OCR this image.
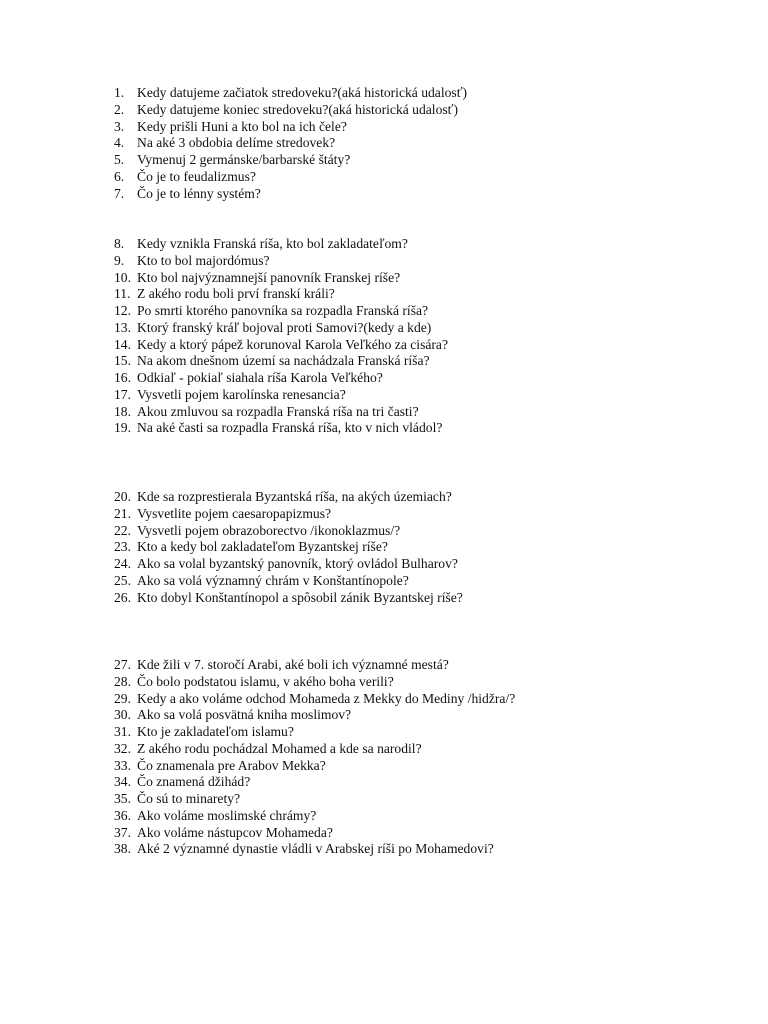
1. Kedy datujeme začiatok stredoveku?(aká historická udalosť)
2. Kedy datujeme koniec stredoveku?(aká historická udalosť)
3. Kedy prišli Huni a kto bol na ich čele?
4. Na aké 3 obdobia delíme stredovek?
5. Vymenuj 2 germánske/barbarské štáty?
6. Čo je to feudalizmus?
7. Čo je to lénny systém?
8. Kedy vznikla Franská ríša, kto bol zakladateľom?
9. Kto to bol majordómus?
10. Kto bol najvýznamnejší panovník Franskej ríše?
11. Z akého rodu boli prví franskí králi?
12. Po smrti ktorého panovníka sa rozpadla Franská ríša?
13. Ktorý franský kráľ bojoval proti Samovi?(kedy a kde)
14. Kedy a ktorý pápež korunoval Karola Veľkého za cisára?
15. Na akom dnešnom území sa nachádzala Franská ríša?
16. Odkiaľ - pokiaľ siahala ríša Karola Veľkého?
17. Vysvetli pojem karolínska renesancia?
18. Akou zmluvou sa rozpadla Franská ríša na tri časti?
19. Na aké časti sa rozpadla Franská ríša, kto v nich vládol?
20. Kde sa rozprestierala Byzantská ríša, na akých územiach?
21. Vysvetlite pojem caesaropapizmus?
22. Vysvetli pojem obrazoborectvo /ikonoklazmus/?
23. Kto a kedy bol zakladateľom Byzantskej ríše?
24. Ako sa volal byzantský panovník, ktorý ovládol Bulharov?
25. Ako sa volá významný chrám v Konštantínopole?
26. Kto dobyl Konštantínopol a spôsobil zánik Byzantskej ríše?
27. Kde žili v 7. storočí Arabi, aké boli ich významné mestá?
28. Čo bolo podstatou islamu, v akého boha verili?
29. Kedy a ako voláme odchod Mohameda z Mekky do Mediny /hidžra/?
30. Ako sa volá posvätná kniha moslimov?
31. Kto je zakladateľom islamu?
32. Z akého rodu pochádzal Mohamed a kde sa narodil?
33. Čo znamenala pre Arabov Mekka?
34. Čo znamená džihád?
35. Čo sú to minarety?
36. Ako voláme moslimské chrámy?
37. Ako voláme nástupcov Mohameda?
38. Aké 2 významné dynastie vládli v Arabskej ríši po Mohamedovi?
